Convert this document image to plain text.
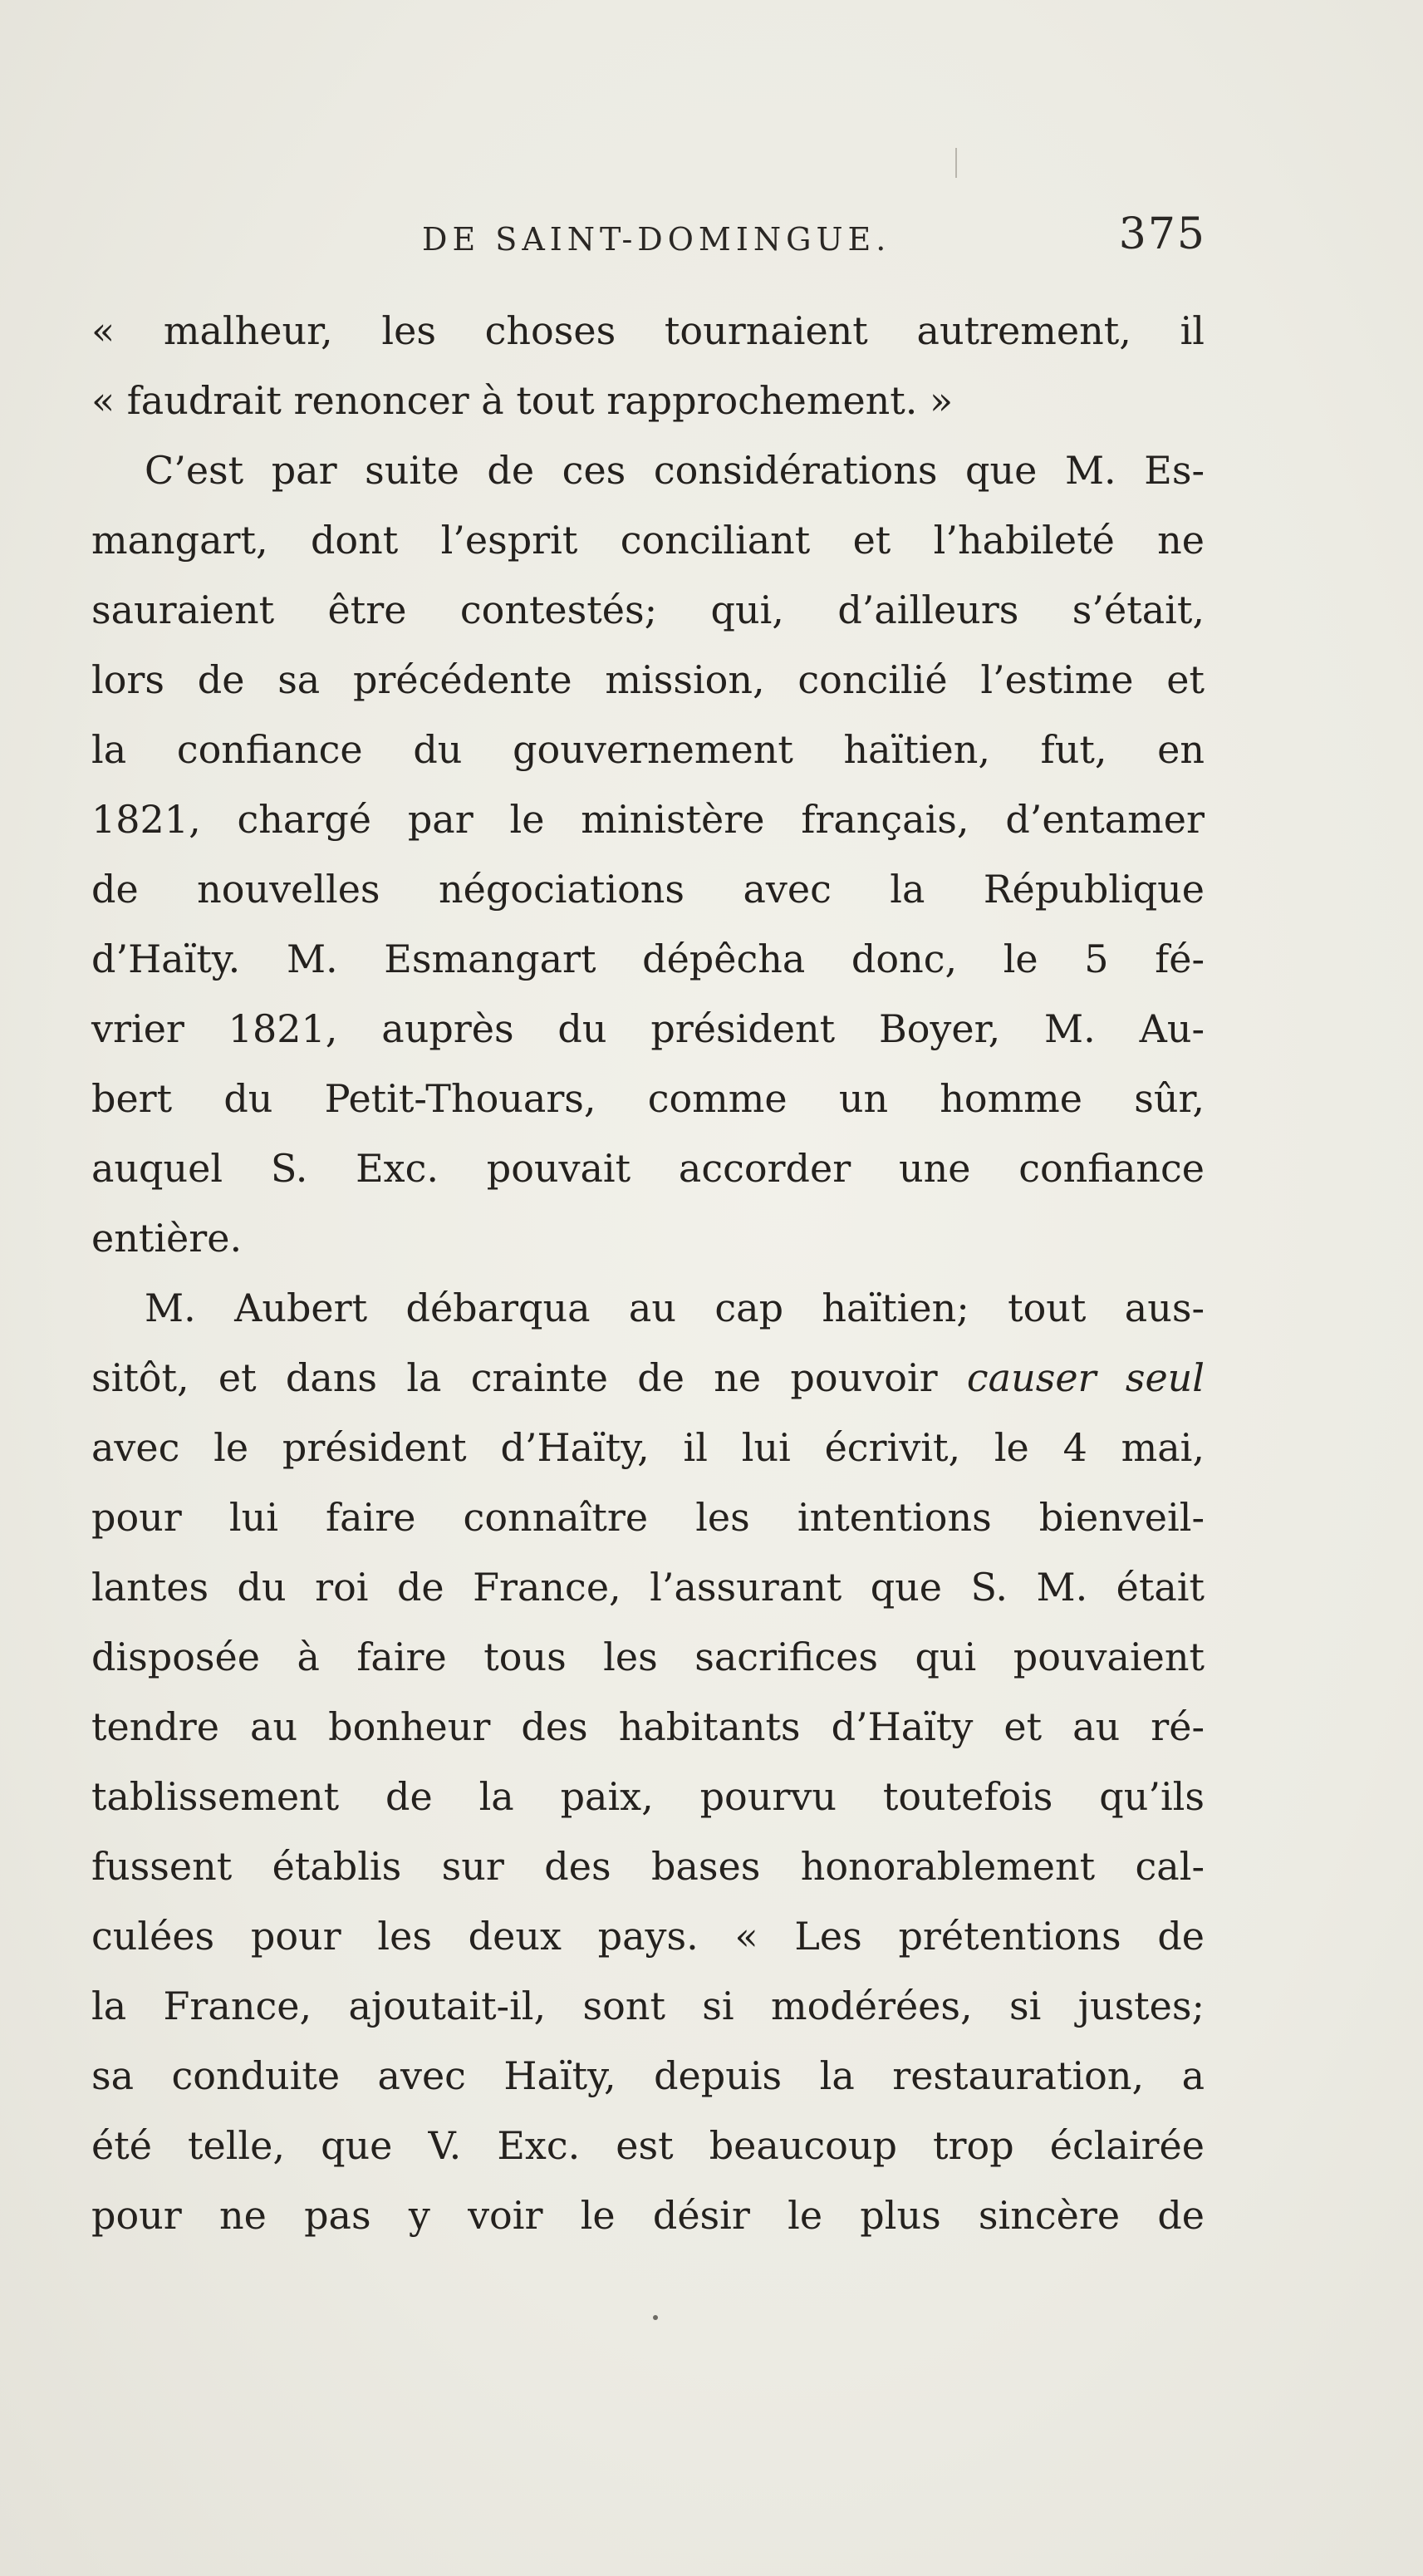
DE SAINT-DOMINGUE.	375
« malheur, les choses tournaient autrement, il
« faudrait renoncer à tout rapprochement. »
C’est par suite de ces considérations que M. Es-
mangart, dont l’esprit conciliant et l’habileté ne
sauraient être contestés; qui, d’ailleurs s’était,
lors de sa précédente mission, concilié l’estime et
la confiance du gouvernement haïtien, fut, en
1821, chargé par le ministère français, d’entamer
de nouvelles négociations avec la République
d’Haïty. M. Esmangart dépêcha donc, le 5 fé-
vrier 1821, auprès du président Boyer, M. Au-
bert du Petit-Thouars, comme un homme sûr,
auquel S. Exc. pouvait accorder une confiance
entière.
M. Aubert débarqua au cap haïtien; tout aus-
sitôt, et dans la crainte de ne pouvoir causer seul
avec le président d’Haïty, il lui écrivit, le 4 mai,
pour lui faire connaître les intentions bienveil-
lantes du roi de France, l’assurant que S. M. était
disposée à faire tous les sacrifices qui pouvaient
tendre au bonheur des habitants d’Haïty et au ré-
tablissement de la paix, pourvu toutefois qu’ils
fussent établis sur des bases honorablement cal-
culées pour les deux pays. « Les prétentions de
la France, ajoutait-il, sont si modérées, si justes;
sa conduite avec Haïty, depuis la restauration, a
été telle, que V. Exc. est beaucoup trop éclairée
pour ne pas y voir le désir le plus sincère de
